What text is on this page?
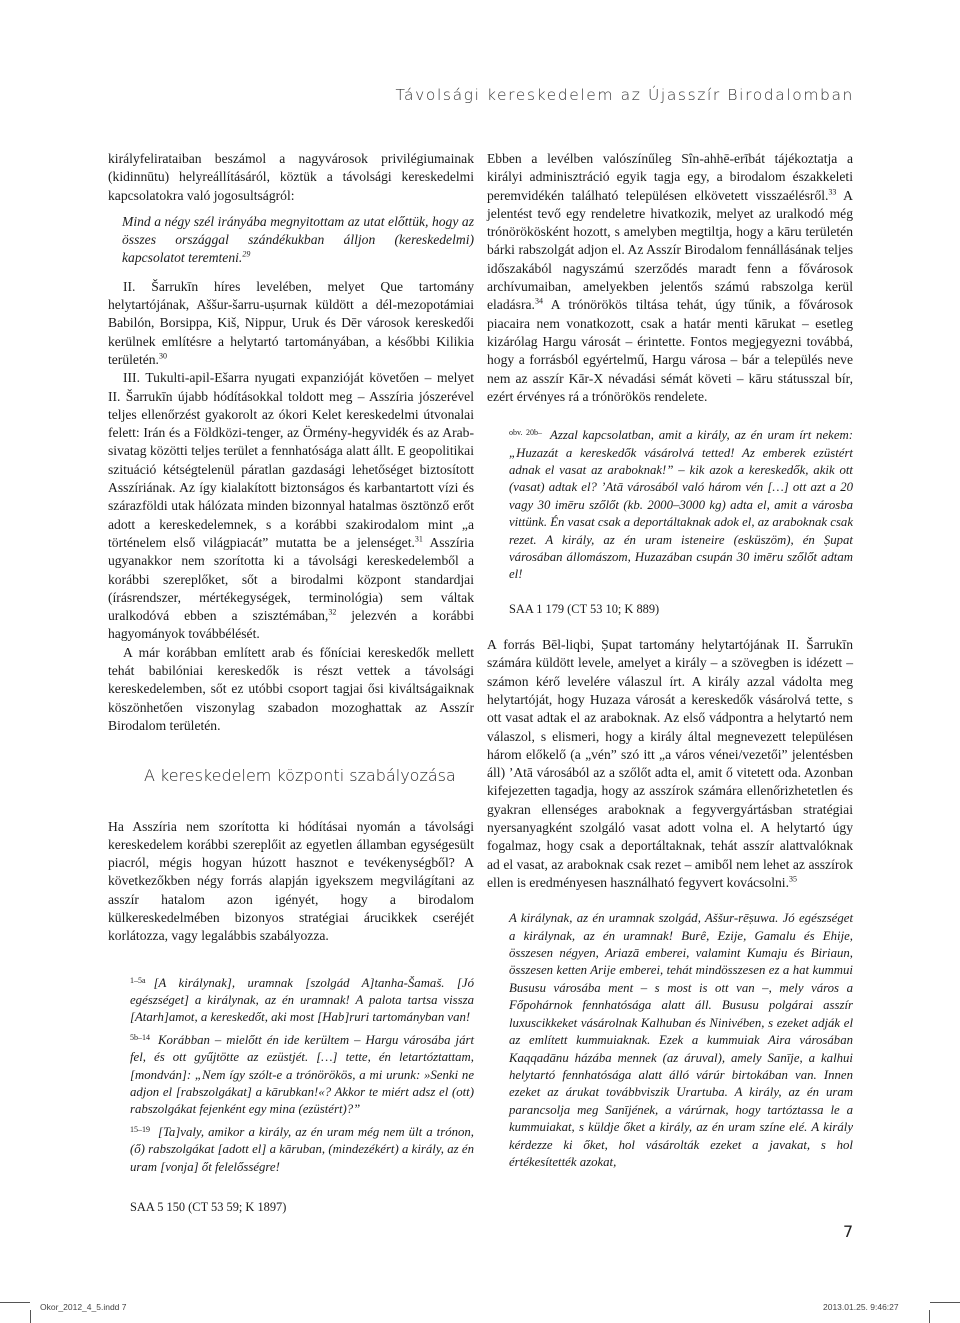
Távolsági kereskedelem az Újasszír Birodalomban

királyfelirataiban beszámol a nagyvárosok privilégiumainak (kidinnūtu) helyreállításáról, köztük a távolsági kereskedelmi kapcsolatokra való jogosultságról:

Mind a négy szél irányába megnyitottam az utat előttük, hogy az összes országgal szándékukban álljon (kereskedelmi) kapcsolatot teremteni.$^{29}$

II. Šarrukīn híres levelében, melyet Que tartomány helytartójának, Aššur-šarru-uṣurnak küldött a dél-mezopotámiai Babilón, Borsippa, Kiš, Nippur, Uruk és Dēr városok kereskedői kerülnek említésre a helytartó tartományában, a későbbi Kilikia területén.$^{30}$

III. Tukulti-apil-Ešarra nyugati expanzióját követően – melyet II. Šarrukīn újabb hódításokkal toldott meg – Asszíria jószerével teljes ellenőrzést gyakorolt az ókori Kelet kereskedelmi útvonalai felett: Irán és a Földközi-tenger, az Örmény-hegyvidék és az Arab-sivatag közötti teljes terület a fennhatósága alatt állt. E geopolitikai szituáció kétségtelenül páratlan gazdasági lehetőséget biztosított Asszíriának. Az így kialakított biztonságos és karbantartott vízi és szárazföldi utak hálózata minden bizonnyal hatalmas ösztönző erőt adott a kereskedelemnek, s a korábbi szakirodalom mint „a történelem első világpiacát” mutatta be a jelenséget.$^{31}$ Asszíria ugyanakkor nem szorította ki a távolsági kereskedelemből a korábbi szereplőket, sőt a birodalmi központ standardjai (írásrendszer, mértékegységek, terminológia) sem váltak uralkodóvá ebben a szisztémában,$^{32}$ jelezvén a korábbi hagyományok továbbélését.

A már korábban említett arab és főníciai kereskedők mellett tehát babilóniai kereskedők is részt vettek a távolsági kereskedelemben, sőt ez utóbbi csoport tagjai ősi kiváltságaiknak köszönhetően viszonylag szabadon mozoghattak az Asszír Birodalom területén.

A kereskedelem központi szabályozása

Ha Asszíria nem szorította ki hódításai nyomán a távolsági kereskedelem korábbi szereplőit az egyetlen államban egységesült piacról, mégis hogyan húzott hasznot e tevékenységből? A következőkben négy forrás alapján igyekszem megvilágítani az asszír hatalom azon igényét, hogy a birodalom külkereskedelmében bizonyos stratégiai árucikkek cseréjét korlátozza, vagy legalábbis szabályozza.

$^{1-5a}$ [A királynak], uramnak [szolgád A]tanha-Šamaš. [Jó egészséget] a királynak, az én uramnak! A palota tartsa vissza [Atarh]amot, a kereskedőt, aki most [Hab]ruri tartományban van!
$^{5b-14}$ Korábban – mielőtt én ide kerültem – Hargu városába járt fel, és ott gyűjtötte az ezüstjét. […] tette, én letartóztattam, [mondván]: „Nem így szólt-e a trónörökös, a mi urunk: »Senki ne adjon el [rabszolgákat] a kārubkan!«? Akkor te miért adsz el (ott) rabszolgákat fejenként egy mina (ezüstért)?”
$^{15-19}$ [Ta]valy, amikor a király, az én uram még nem ült a trónon, (ő) rabszolgákat [adott el] a kāruban, (mindezékért) a király, az én uram [vonja] őt felelősségre!
SAA 5 150 (CT 53 59; K 1897)

Ebben a levélben valószínűleg Sîn-ahhē-erībát tájékoztatja a királyi adminisztráció egyik tagja egy, a birodalom északkeleti peremvidékén található településen elkövetett visszaélésről.$^{33}$ A jelentést tevő egy rendeletre hivatkozik, melyet az uralkodó még trónörökösként hozott, s amelyben megtiltja, hogy a kāru területén bárki rabszolgát adjon el. Az Asszír Birodalom fennállásának teljes időszakából nagyszámú szerződés maradt fenn a fővárosok archívumaiban, amelyekben jelentős számú rabszolga kerül eladásra.$^{34}$ A trónörökös tiltása tehát, úgy tűnik, a fővárosok piacaira nem vonatkozott, csak a határ menti kārukat – esetleg kizárólag Hargu városát – érintette. Fontos megjegyezni továbbá, hogy a forrásból egyértelmű, Hargu városa – bár a település neve nem az asszír Kār-X névadási sémát követi – kāru státusszal bír, ezért érvényes rá a trónörökös rendelete.

$^{obv. 20b-}$ Azzal kapcsolatban, amit a király, az én uram írt nekem: „Huzazát a kereskedők vásárolvá tetted! Az emberek ezüstért adnak el vasat az araboknak!” – kik azok a kereskedők, akik ott (vasat) adtak el? ’Atā városából való három vén […] ott azt a 20 vagy 30 imēru szőlőt (kb. 2000–3000 kg) adta el, amit a városba vittünk. Én vasat csak a deportáltaknak adok el, az araboknak csak rezet. A király, az én uram isteneire (esküszöm), én Ṣupat városában állomászom, Huzazában csupán 30 imēru szőlőt adtam el!
SAA 1 179 (CT 53 10; K 889)

A forrás Bēl-liqbi, Ṣupat tartomány helytartójának II. Šarrukīn számára küldött levele, amelyet a király – a szövegben is idézett – számon kérő levelére válaszul írt. A király azzal vádolta meg helytartóját, hogy Huzaza városát a kereskedők vásárolvá tette, s ott vasat adtak el az araboknak. Az első vádpontra a helytartó nem válaszol, s elismeri, hogy a király által megnevezett településen három előkelő (a „vén” szó itt „a város vénei/vezetői” jelentésben áll) ’Atā városából az a szőlőt adta el, amit ő vitetett oda. Azonban kifejezetten tagadja, hogy az asszírok számára ellenőrizhetetlen és gyakran ellenséges araboknak a fegyvergyártásban stratégiai nyersanyagként szolgáló vasat adott volna el. A helytartó úgy fogalmaz, hogy csak a deportáltaknak, tehát asszír alattvalóknak ad el vasat, az araboknak csak rezet – amiből nem lehet az asszírok ellen is eredményesen használható fegyvert kovácsolni.$^{35}$

A királynak, az én uramnak szolgád, Aššur-rēṣuwa. Jó egészséget a királynak, az én uramnak! Burê, Ezije, Gamalu és Ehije, összesen négyen, Ariazā emberei, valamint Kumaju és Biriaun, összesen ketten Arije emberei, tehát mindösszesen ez a hat kummui Bususu városába ment – s most is ott van –, mely város a Főpohárnok fennhatósága alatt áll. Bususu polgárai asszír luxuscikkeket vásárolnak Kalhuban és Ninivében, s ezeket adják el az említett kummuiaknak. Ezek a kummuiak Aira városában Kaqqadānu házába mennek (az áruval), amely Sanīje, a kalhui helytartó fennhatósága alatt álló várúr birtokában van. Innen ezeket az árukat továbbviszik Urartuba. A király, az én uram parancsolja meg Sanījének, a várúrnak, hogy tartóztassa le a kummuiakat, s küldje őket a király, az én uram színe elé. A király kérdezze ki őket, hol vásárolták ezeket a javakat, s hol értékesítették azokat,
7
Okor_2012_4_5.indd 7	2013.01.25. 9:46:27
